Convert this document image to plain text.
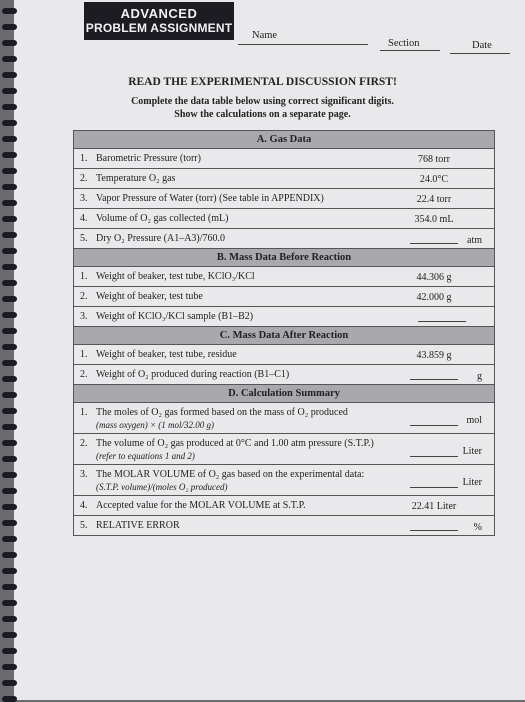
ADVANCED
PROBLEM ASSIGNMENT
Name
Section	Date
READ THE EXPERIMENTAL DISCUSSION FIRST!
Complete the data table below using correct significant digits.
Show the calculations on a separate page.
A. Gas Data
1. Barometric Pressure (torr)	768 torr
2. Temperature O₂ gas	24.0°C
3. Vapor Pressure of Water (torr) (See table in APPENDIX)	22.4 torr
4. Volume of O₂ gas collected (mL)	354.0 mL
5. Dry O₂ Pressure (A1–A3)/760.0	atm
B. Mass Data Before Reaction
1. Weight of beaker, test tube, KClO₃/KCl	44.306 g
2. Weight of beaker, test tube	42.000 g
3. Weight of KClO₃/KCl sample (B1–B2)
C. Mass Data After Reaction
1. Weight of beaker, test tube, residue	43.859 g
2. Weight of O₂ produced during reaction (B1–C1)	g
D. Calculation Summary
1. The moles of O₂ gas formed based on the mass of O₂ produced
(mass oxygen) × (1 mol/32.00 g)	mol
2. The volume of O₂ gas produced at 0°C and 1.00 atm pressure (S.T.P.)
(refer to equations 1 and 2)	Liter
3. The MOLAR VOLUME of O₂ gas based on the experimental data:
(S.T.P. volume)/(moles O₂ produced)	Liter
4. Accepted value for the MOLAR VOLUME at S.T.P.	22.41 Liter
5. RELATIVE ERROR	%
